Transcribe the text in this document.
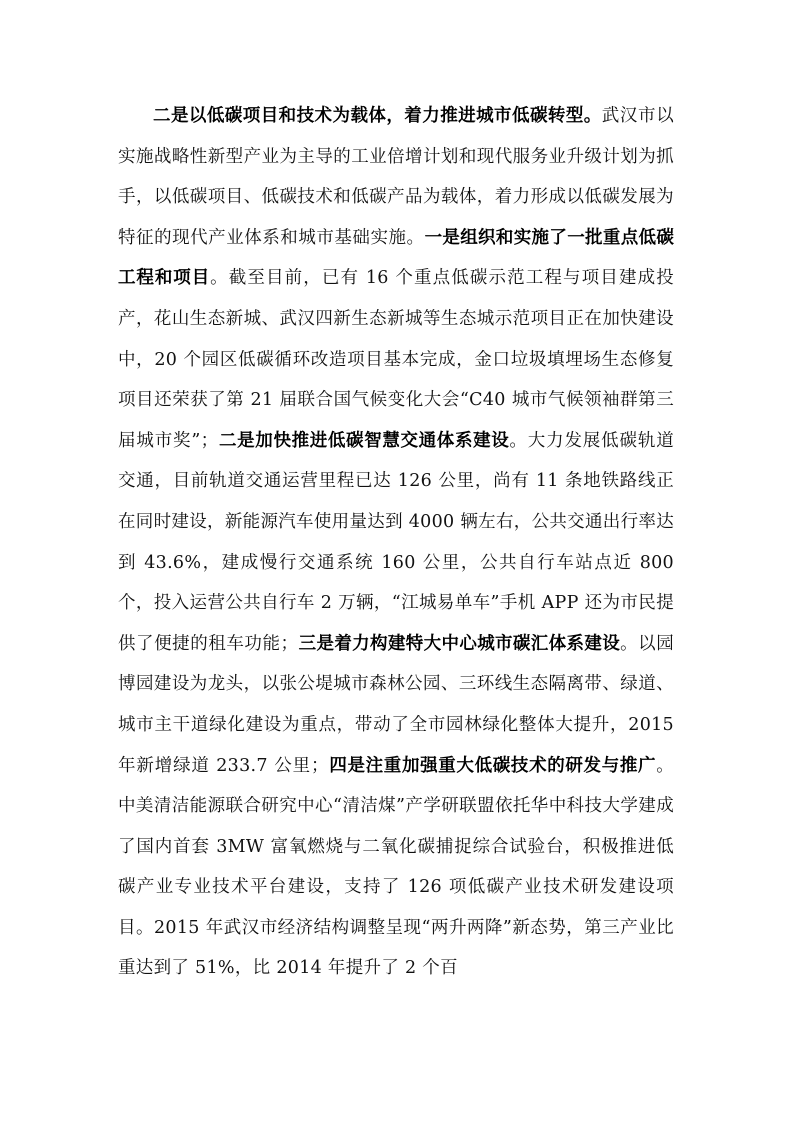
二是以低碳项目和技术为载体，着力推进城市低碳转型。武汉市以实施战略性新型产业为主导的工业倍增计划和现代服务业升级计划为抓手，以低碳项目、低碳技术和低碳产品为载体，着力形成以低碳发展为特征的现代产业体系和城市基础实施。一是组织和实施了一批重点低碳工程和项目。截至目前，已有 16 个重点低碳示范工程与项目建成投产，花山生态新城、武汉四新生态新城等生态城示范项目正在加快建设中，20 个园区低碳循环改造项目基本完成，金口垃圾填埋场生态修复项目还荣获了第 21 届联合国气候变化大会“C40 城市气候领袖群第三届城市奖”；二是加快推进低碳智慧交通体系建设。大力发展低碳轨道交通，目前轨道交通运营里程已达 126 公里，尚有 11 条地铁路线正在同时建设，新能源汽车使用量达到 4000 辆左右，公共交通出行率达到 43.6%，建成慢行交通系统 160 公里，公共自行车站点近 800 个，投入运营公共自行车 2 万辆，“江城易单车”手机 APP 还为市民提供了便捷的租车功能；三是着力构建特大中心城市碳汇体系建设。以园博园建设为龙头，以张公堤城市森林公园、三环线生态隔离带、绿道、城市主干道绿化建设为重点，带动了全市园林绿化整体大提升，2015 年新增绿道 233.7 公里；四是注重加强重大低碳技术的研发与推广。中美清洁能源联合研究中心“清洁煤”产学研联盟依托华中科技大学建成了国内首套 3MW 富氧燃烧与二氧化碳捕捉综合试验台，积极推进低碳产业专业技术平台建设，支持了 126 项低碳产业技术研发建设项目。2015 年武汉市经济结构调整呈现“两升两降”新态势，第三产业比重达到了 51%，比 2014 年提升了 2 个百
